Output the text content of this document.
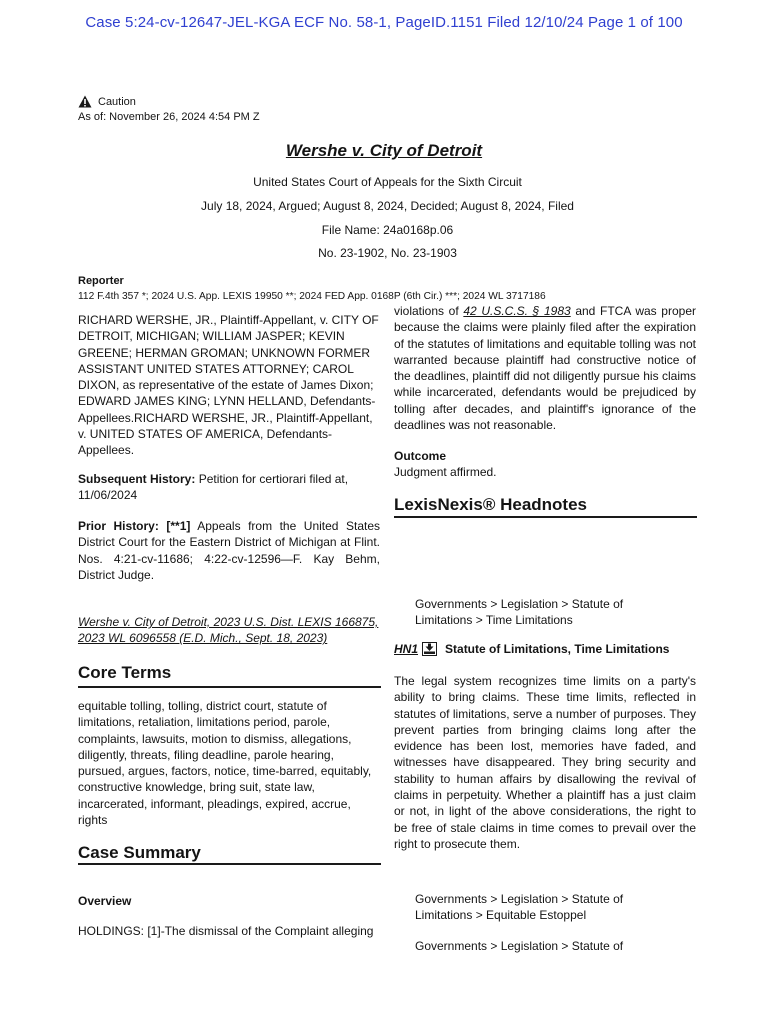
Case 5:24-cv-12647-JEL-KGA ECF No. 58-1, PageID.1151 Filed 12/10/24 Page 1 of 100
Caution
As of: November 26, 2024 4:54 PM Z
Wershe v. City of Detroit
United States Court of Appeals for the Sixth Circuit
July 18, 2024, Argued; August 8, 2024, Decided; August 8, 2024, Filed
File Name: 24a0168p.06
No. 23-1902, No. 23-1903
Reporter
112 F.4th 357 *; 2024 U.S. App. LEXIS 19950 **; 2024 FED App. 0168P (6th Cir.) ***; 2024 WL 3717186
RICHARD WERSHE, JR., Plaintiff-Appellant, v. CITY OF DETROIT, MICHIGAN; WILLIAM JASPER; KEVIN GREENE; HERMAN GROMAN; UNKNOWN FORMER ASSISTANT UNITED STATES ATTORNEY; CAROL DIXON, as representative of the estate of James Dixon; EDWARD JAMES KING; LYNN HELLAND, Defendants-Appellees.RICHARD WERSHE, JR., Plaintiff-Appellant, v. UNITED STATES OF AMERICA, Defendants-Appellees.
Subsequent History: Petition for certiorari filed at, 11/06/2024
Prior History: [**1] Appeals from the United States District Court for the Eastern District of Michigan at Flint. Nos. 4:21-cv-11686; 4:22-cv-12596—F. Kay Behm, District Judge.
Wershe v. City of Detroit, 2023 U.S. Dist. LEXIS 166875, 2023 WL 6096558 (E.D. Mich., Sept. 18, 2023)
Core Terms
equitable tolling, tolling, district court, statute of limitations, retaliation, limitations period, parole, complaints, lawsuits, motion to dismiss, allegations, diligently, threats, filing deadline, parole hearing, pursued, argues, factors, notice, time-barred, equitably, constructive knowledge, bring suit, state law, incarcerated, informant, pleadings, expired, accrue, rights
Case Summary
Overview
HOLDINGS: [1]-The dismissal of the Complaint alleging
violations of 42 U.S.C.S. § 1983 and FTCA was proper because the claims were plainly filed after the expiration of the statutes of limitations and equitable tolling was not warranted because plaintiff had constructive notice of the deadlines, plaintiff did not diligently pursue his claims while incarcerated, defendants would be prejudiced by tolling after decades, and plaintiff's ignorance of the deadlines was not reasonable.
Outcome
Judgment affirmed.
LexisNexis® Headnotes
Governments > Legislation > Statute of
Limitations > Time Limitations
HN1 Statute of Limitations, Time Limitations
The legal system recognizes time limits on a party's ability to bring claims. These time limits, reflected in statutes of limitations, serve a number of purposes. They prevent parties from bringing claims long after the evidence has been lost, memories have faded, and witnesses have disappeared. They bring security and stability to human affairs by disallowing the revival of claims in perpetuity. Whether a plaintiff has a just claim or not, in light of the above considerations, the right to be free of stale claims in time comes to prevail over the right to prosecute them.
Governments > Legislation > Statute of
Limitations > Equitable Estoppel
Governments > Legislation > Statute of
